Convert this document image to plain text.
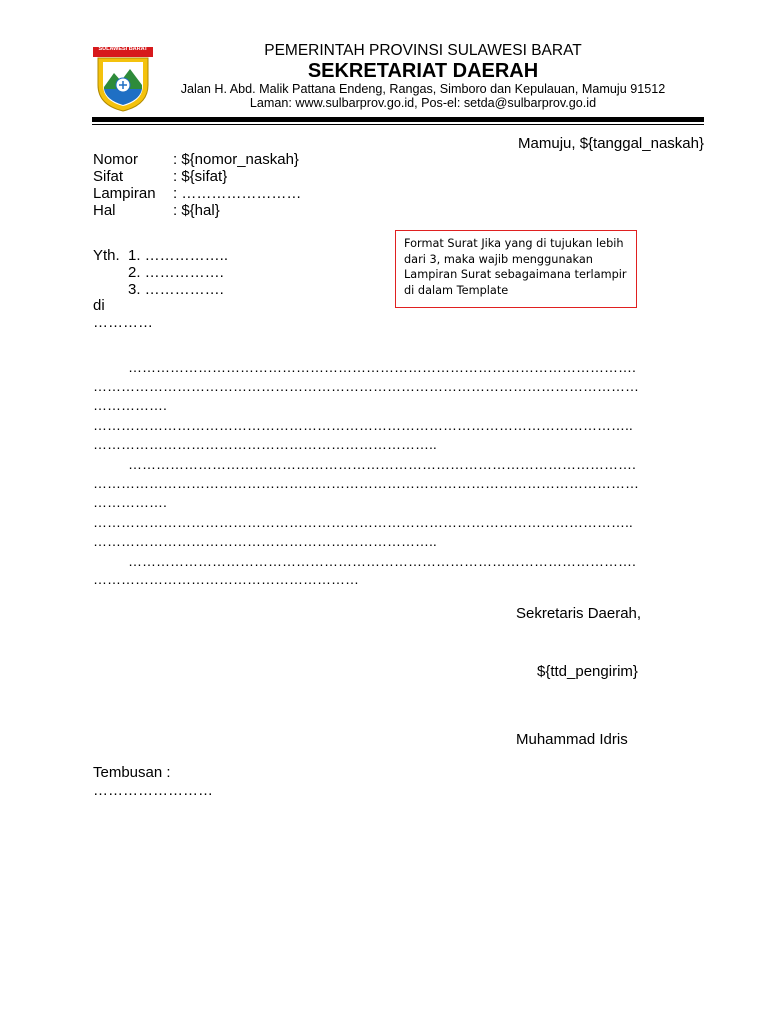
SULAWESI BARAT	PEMERINTAH PROVINSI SULAWESI BARAT
SEKRETARIAT DAERAH
Jalan H. Abd. Malik Pattana Endeng, Rangas, Simboro dan Kepulauan, Mamuju 91512
Laman: www.sulbarprov.go.id, Pos-el: setda@sulbarprov.go.id
Mamuju, ${tanggal_naskah}
Nomor : ${nomor_naskah}
Sifat	: ${sifat}
Lampiran : ……………………
Hal	: ${hal}
Yth. 1. ……………..
2. …………….
3. …………….
di
…………
Format Surat Jika yang di tujukan lebih
dari 3, maka wajib menggunakan
Lampiran Surat sebagaimana terlampir
di dalam Template
……………………………………………………………………………………………….
………………………………………………………………………………………………………
…………….
……………………………………………………………………………………………………..
………………………………………………………………..
……………………………………………………………………………………………….
………………………………………………………………………………………………………
…………….
……………………………………………………………………………………………………..
………………………………………………………………..
……………………………………………………………………………………………….
…………………………………………………
Sekretaris Daerah,
${ttd_pengirim}
Muhammad Idris
Tembusan :
……………………
